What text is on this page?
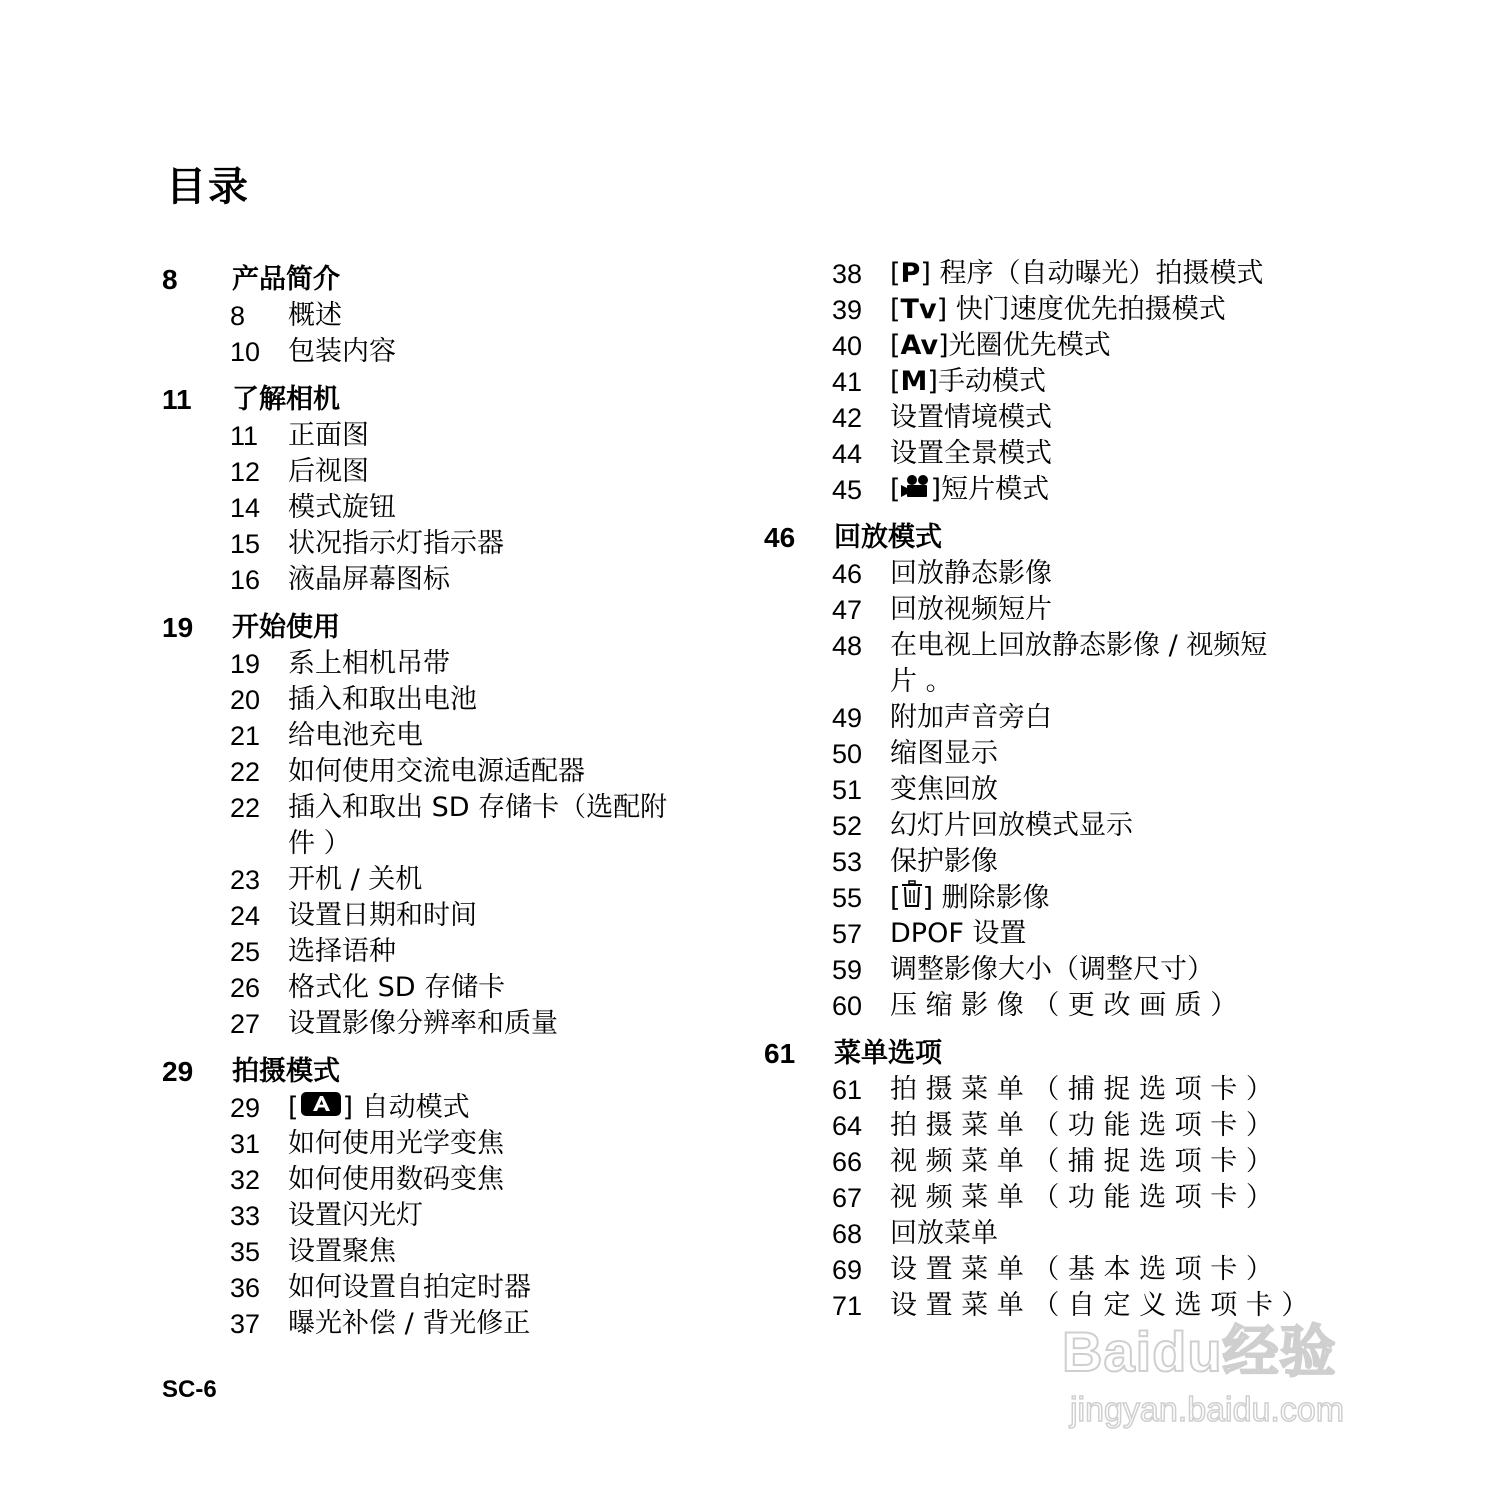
目录
8 产品简介
8 概述
10 包装内容
11 了解相机
11 正面图
12 后视图
14 模式旋钮
15 状况指示灯指示器
16 液晶屏幕图标
19 开始使用
19 系上相机吊带
20 插入和取出电池
21 给电池充电
22 如何使用交流电源适配器
22 插入和取出 SD 存储卡（选配附
件 ）
23 开机 / 关机
24 设置日期和时间
25 选择语种
26 格式化 SD 存储卡
27 设置影像分辨率和质量
29 拍摄模式
29 [ ] 自动模式
31 如何使用光学变焦
32 如何使用数码变焦
33 设置闪光灯
35 设置聚焦
36 如何设置自拍定时器
37 曝光补偿 / 背光修正
38 [P] 程序（自动曝光）拍摄模式
39 [Tv] 快门速度优先拍摄模式
40 [Av]光圈优先模式
41 [M]手动模式
42 设置情境模式
44 设置全景模式
45 [ ]短片模式
46 回放模式
46 回放静态影像
47 回放视频短片
48 在电视上回放静态影像 / 视频短
片 。
49 附加声音旁白
50 缩图显示
51 变焦回放
52 幻灯片回放模式显示
53 保护影像
55 [ ] 删除影像
57 DPOF 设置
59 调整影像大小（调整尺寸）
60 压 缩 影 像 （ 更 改 画 质 ）
61 菜单选项
61 拍 摄 菜 单 （ 捕 捉 选 项 卡 ）
64 拍 摄 菜 单 （ 功 能 选 项 卡 ）
66 视 频 菜 单 （ 捕 捉 选 项 卡 ）
67 视 频 菜 单 （ 功 能 选 项 卡 ）
68 回放菜单
69 设 置 菜 单 （ 基 本 选 项 卡 ）
71 设 置 菜 单 （ 自 定 义 选 项 卡 ）
SC-6
Baidu经验
jingyan.baidu.com
